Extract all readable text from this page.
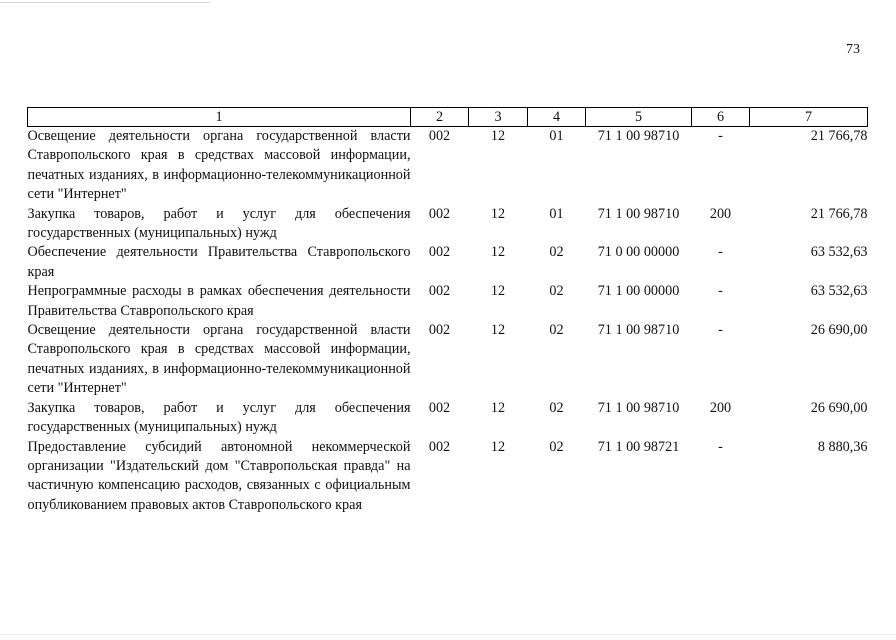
73
1	2	3	4	5	6	7
Освещение деятельности органа государственной власти Ставропольского края в средствах массовой информации, печатных изданиях, в информационно-телекоммуникационной сети "Интернет"	002	12	01	71 1 00 98710	-	21 766,78
Закупка товаров, работ и услуг для обеспечения государственных (муниципальных) нужд	002	12	01	71 1 00 98710	200	21 766,78
Обеспечение деятельности Правительства Ставропольского края	002	12	02	71 0 00 00000	-	63 532,63
Непрограммные расходы в рамках обеспечения деятельности Правительства Ставропольского края	002	12	02	71 1 00 00000	-	63 532,63
Освещение деятельности органа государственной власти Ставропольского края в средствах массовой информации, печатных изданиях, в информационно-телекоммуникационной сети "Интернет"	002	12	02	71 1 00 98710	-	26 690,00
Закупка товаров, работ и услуг для обеспечения государственных (муниципальных) нужд	002	12	02	71 1 00 98710	200	26 690,00
Предоставление субсидий автономной некоммерческой организации "Издательский дом "Ставропольская правда" на частичную компенсацию расходов, связанных с официальным опубликованием правовых актов Ставропольского края	002	12	02	71 1 00 98721	-	8 880,36
